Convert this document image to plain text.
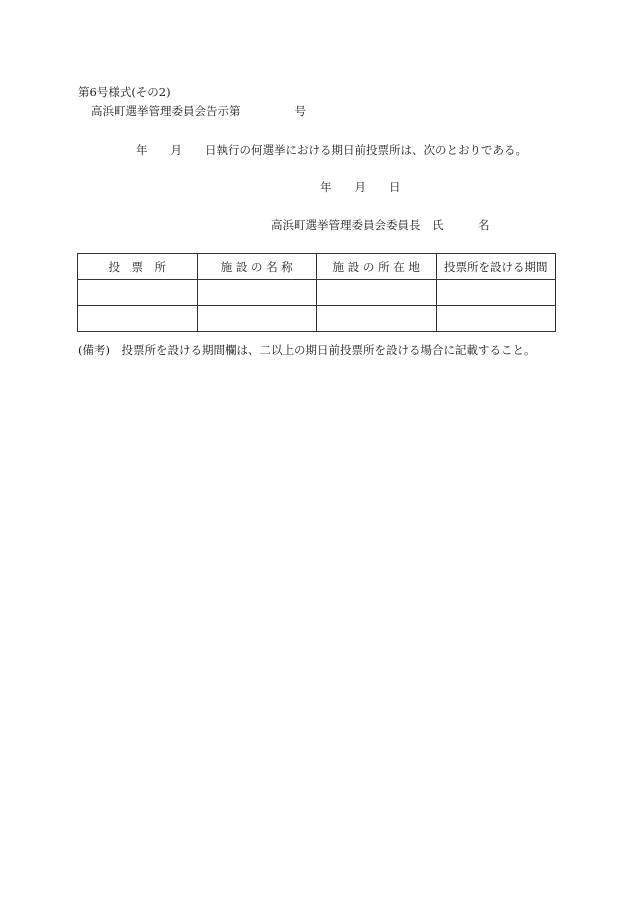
第6号様式(その2)
高浜町選挙管理委員会告示第	号
年　　月　　日執行の何選挙における期日前投票所は、次のとおりである。
年　　月　　日
高浜町選挙管理委員会委員長　氏　　　名
投　票　所	施 設 の 名 称	施 設 の 所 在 地	投票所を設ける期間

(備考)　投票所を設ける期間欄は、二以上の期日前投票所を設ける場合に記載すること。
